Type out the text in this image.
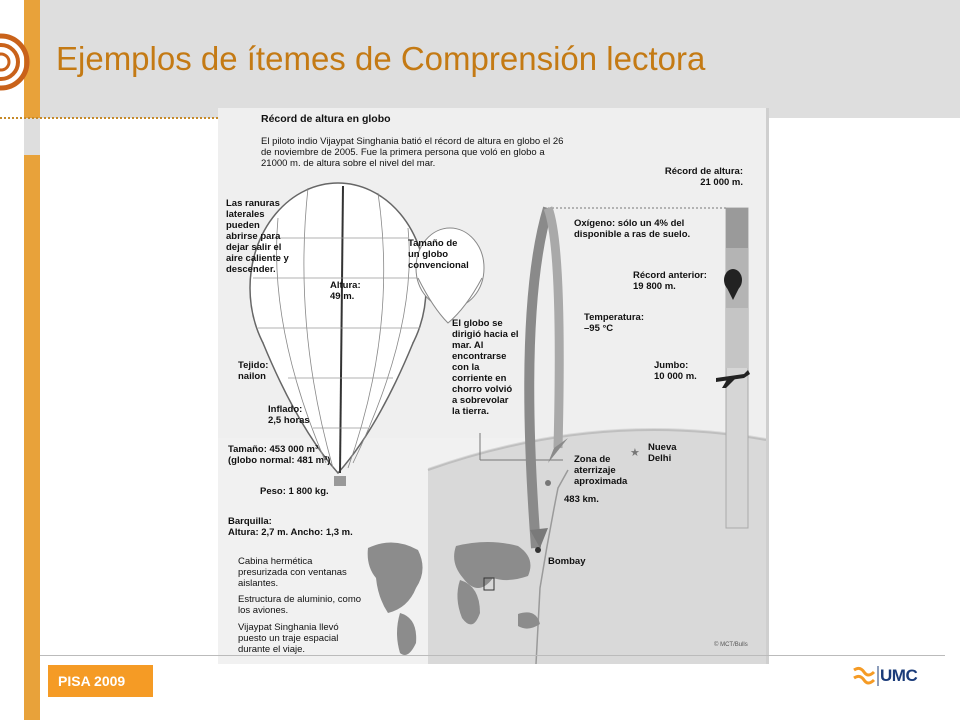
Ejemplos de ítemes de Comprensión lectora
★
Récord de altura en globo
El piloto indio Vijaypat Singhania batió el récord de altura en globo el 26
de noviembre de 2005. Fue la primera persona que voló en globo a
21000 m. de altura sobre el nivel del mar.
Récord de altura:
21 000 m.
Las ranuras
laterales
pueden
abrirse para
dejar salir el
aire caliente y
descender.
Tamaño de
un globo
convencional
Oxígeno: sólo un 4% del
disponible a ras de suelo.
Altura:
49 m.
Récord anterior:
19 800 m.
El globo se
dirigió hacia el
mar. Al
encontrarse
con la
corriente en
chorro volvió
a sobrevolar
la tierra.
Temperatura:
–95 °C
Tejido:
nailon
Jumbo:
10 000 m.
Inflado:
2,5 horas
Tamaño: 453 000 m³
(globo normal: 481 m³)
Nueva
Delhi
Zona de
aterrizaje
aproximada
Peso: 1 800 kg.
483 km.
Barquilla:
Altura: 2,7 m. Ancho: 1,3 m.
Bombay
Cabina hermética
presurizada con ventanas
aislantes.
Estructura de aluminio, como
los aviones.
Vijaypat Singhania llevó
puesto un traje espacial
durante el viaje.	© MCT/Bulls
PISA 2009	UMC
